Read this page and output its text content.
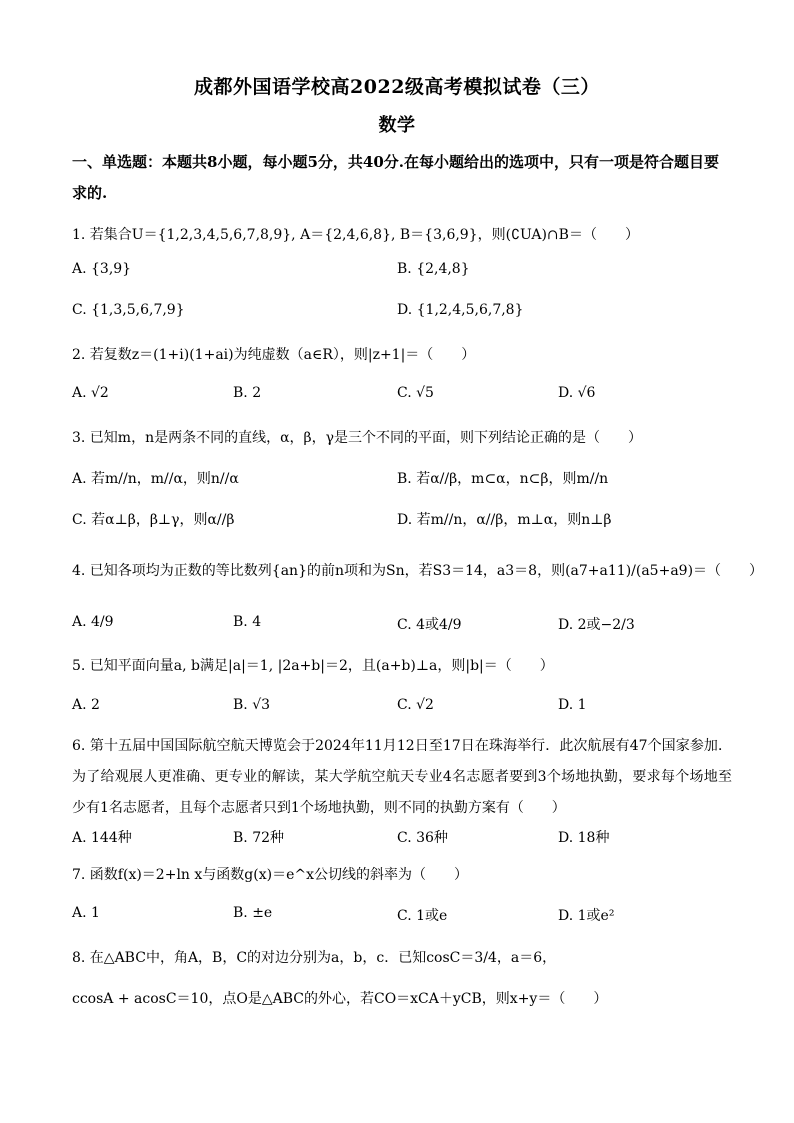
成都外国语学校高2022级高考模拟试卷（三）
数学
一、单选题：本题共8小题，每小题5分，共40分.在每小题给出的选项中，只有一项是符合题目要求的.
1. 若集合U＝{1,2,3,4,5,6,7,8,9}, A＝{2,4,6,8}, B＝{3,6,9}，则(∁UA)∩B＝（　　）
A. {3,9}	B. {2,4,8}
C. {1,3,5,6,7,9}	D. {1,2,4,5,6,7,8}
2. 若复数z＝(1+i)(1+ai)为纯虚数（a∈R），则|z+1|＝（　　）
A. √2	B. 2	C. √5	D. √6
3. 已知m，n是两条不同的直线，α，β，γ是三个不同的平面，则下列结论正确的是（　　）
A. 若m//n，m//α，则n//α	B. 若α//β，m⊂α，n⊂β，则m//n
C. 若α⊥β，β⊥γ，则α//β	D. 若m//n，α//β，m⊥α，则n⊥β
4. 已知各项均为正数的等比数列{an}的前n项和为Sn，若S3＝14，a3＝8，则(a7+a11)/(a5+a9)＝（　　）
A. 4/9	B. 4	C. 4或4/9	D. 2或−2/3
5. 已知平面向量a, b满足|a|＝1, |2a+b|＝2，且(a+b)⊥a，则|b|＝（　　）
A. 2	B. √3	C. √2	D. 1
6. 第十五届中国国际航空航天博览会于2024年11月12日至17日在珠海举行．此次航展有47个国家参加．为了给观展人更准确、更专业的解读，某大学航空航天专业4名志愿者要到3个场地执勤，要求每个场地至少有1名志愿者，且每个志愿者只到1个场地执勤，则不同的执勤方案有（　　）
A. 144种	B. 72种	C. 36种	D. 18种
7. 函数f(x)＝2+ln x与函数g(x)＝e^x公切线的斜率为（　　）
A. 1	B. ±e	C. 1或e	D. 1或e²
8. 在△ABC中，角A，B，C的对边分别为a，b，c．已知cosC＝3/4，a＝6，
ccosA + acosC＝10，点O是△ABC的外心，若CO＝xCA＋yCB，则x+y＝（　　）
